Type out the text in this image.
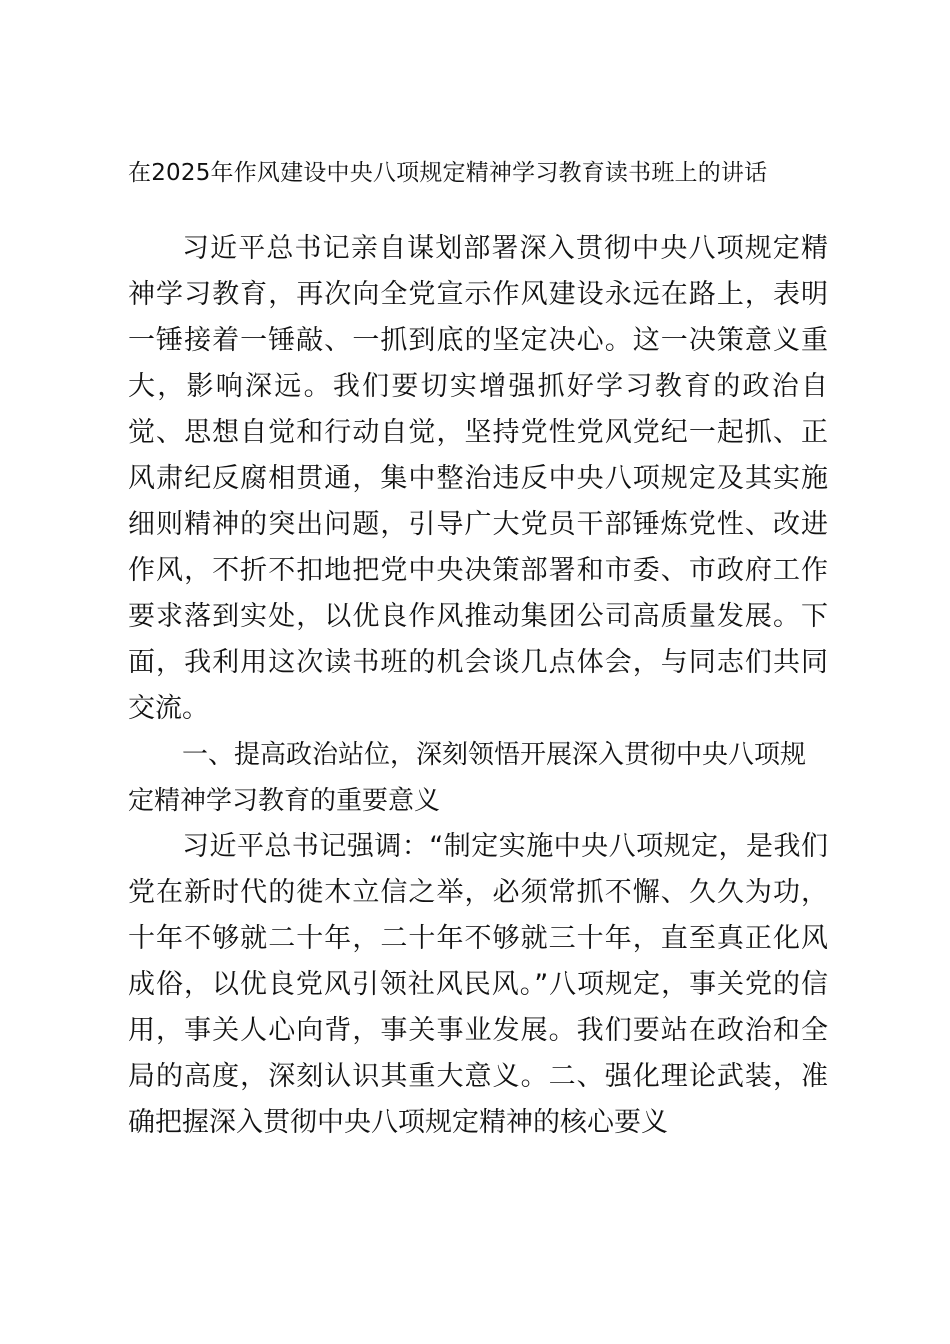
在2025年作风建设中央八项规定精神学习教育读书班上的讲话

习近平总书记亲自谋划部署深入贯彻中央八项规定精神学习教育，再次向全党宣示作风建设永远在路上，表明一锤接着一锤敲、一抓到底的坚定决心。这一决策意义重大，影响深远。我们要切实增强抓好学习教育的政治自觉、思想自觉和行动自觉，坚持党性党风党纪一起抓、正风肃纪反腐相贯通，集中整治违反中央八项规定及其实施细则精神的突出问题，引导广大党员干部锤炼党性、改进作风，不折不扣地把党中央决策部署和市委、市政府工作要求落到实处，以优良作风推动集团公司高质量发展。下面，我利用这次读书班的机会谈几点体会，与同志们共同交流。

一、提高政治站位，深刻领悟开展深入贯彻中央八项规定精神学习教育的重要意义

习近平总书记强调：“制定实施中央八项规定，是我们党在新时代的徙木立信之举，必须常抓不懈、久久为功，十年不够就二十年，二十年不够就三十年，直至真正化风成俗，以优良党风引领社风民风。”八项规定，事关党的信用，事关人心向背，事关事业发展。我们要站在政治和全局的高度，深刻认识其重大意义。二、强化理论武装，准确把握深入贯彻中央八项规定精神的核心要义
